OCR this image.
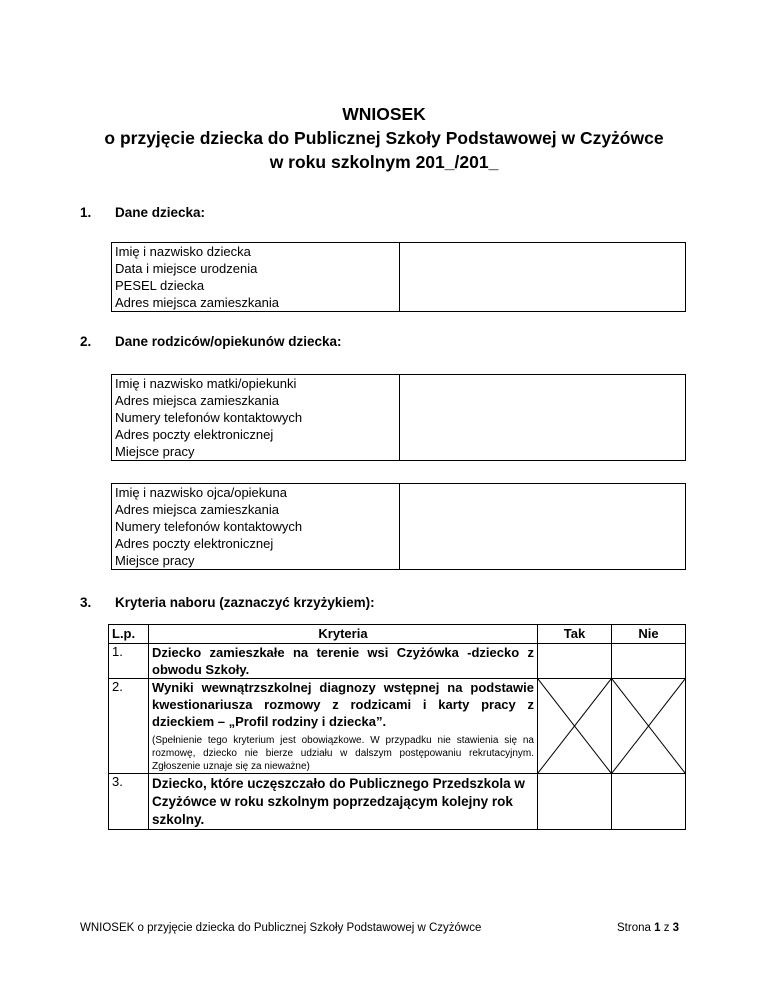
WNIOSEK
o przyjęcie dziecka do Publicznej Szkoły Podstawowej w Czyżówce
w roku szkolnym 201_/201_
1. Dane dziecka:
Imię i nazwisko dziecka	
Data i miejsce urodzenia	
PESEL dziecka	
Adres miejsca zamieszkania	
2. Dane rodziców/opiekunów dziecka:
Imię i nazwisko matki/opiekunki	
Adres miejsca zamieszkania	
Numery telefonów kontaktowych	
Adres poczty elektronicznej	
Miejsce pracy	
Imię i nazwisko ojca/opiekuna	
Adres miejsca zamieszkania	
Numery telefonów kontaktowych	
Adres poczty elektronicznej	
Miejsce pracy	
3. Kryteria naboru (zaznaczyć krzyżykiem):
L.p.	Kryteria	Tak	Nie
1.	Dziecko zamieszkałe na terenie wsi Czyżówka -dziecko z obwodu Szkoły.		

2.	Wyniki wewnątrzszkolnej diagnozy wstępnej na podstawie kwestionariusza rozmowy z rodzicami i karty pracy z dzieckiem – „Profil rodziny i dziecka”.
(Spełnienie tego kryterium jest obowiązkowe. W przypadku nie stawienia się na rozmowę, dziecko nie bierze udziału w dalszym postępowaniu rekrutacyjnym. Zgłoszenie uznaje się za nieważne)

3.	Dziecko, które uczęszczało do Publicznego Przedszkola w Czyżówce w roku szkolnym poprzedzającym kolejny rok szkolny.		

WNIOSEK o przyjęcie dziecka do Publicznej Szkoły Podstawowej w Czyżówce	Strona 1 z 3
